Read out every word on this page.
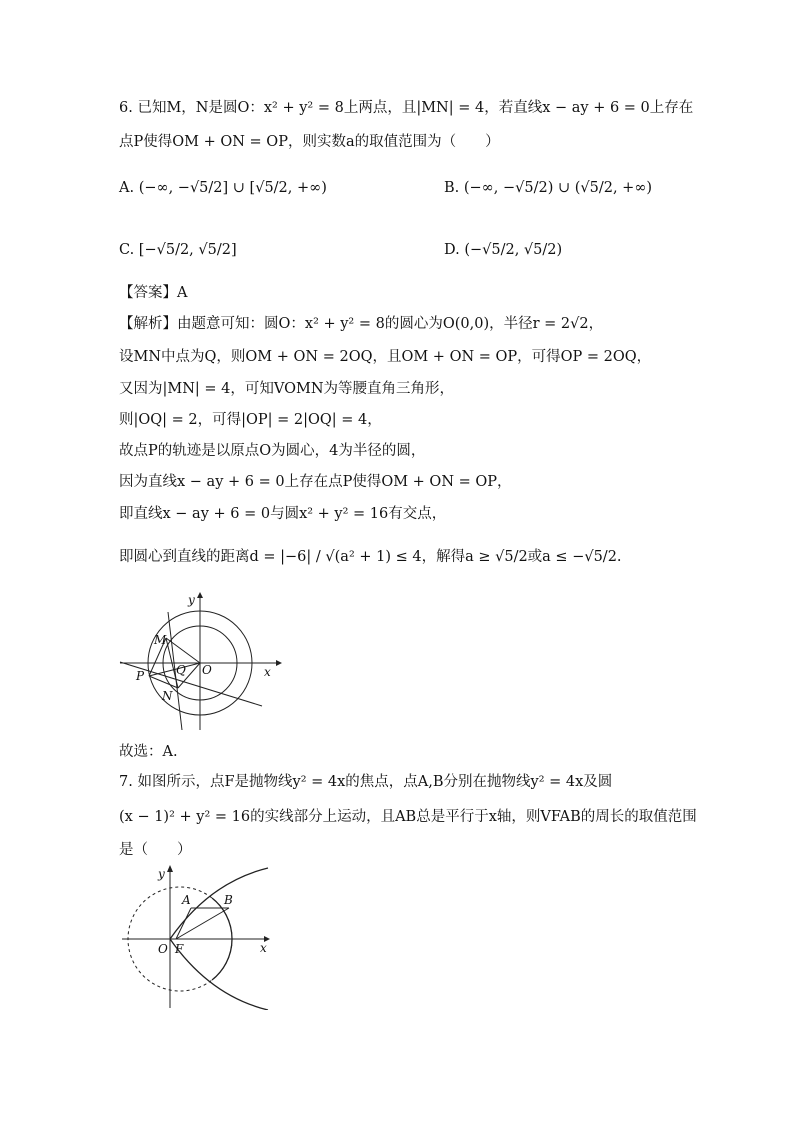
6. 已知M，N是圆O：x² + y² = 8上两点，且|MN| = 4，若直线x − ay + 6 = 0上存在
点P使得OM + ON = OP，则实数a的取值范围为（　　）
A. (−∞, −√5/2] ∪ [√5/2, +∞)	B. (−∞, −√5/2) ∪ (√5/2, +∞)
C. [−√5/2, √5/2]	D. (−√5/2, √5/2)
【答案】A
【解析】由题意可知：圆O：x² + y² = 8的圆心为O(0,0)，半径r = 2√2，
设MN中点为Q，则OM + ON = 2OQ，且OM + ON = OP，可得OP = 2OQ，
又因为|MN| = 4，可知VOMN为等腰直角三角形，
则|OQ| = 2，可得|OP| = 2|OQ| = 4，
故点P的轨迹是以原点O为圆心，4为半径的圆，
因为直线x − ay + 6 = 0上存在点P使得OM + ON = OP，
即直线x − ay + 6 = 0与圆x² + y² = 16有交点，
即圆心到直线的距离d = |−6| / √(a² + 1) ≤ 4，解得a ≥ √5/2或a ≤ −√5/2.
y
x
M
P	Q O
N
故选：A.
7. 如图所示，点F是抛物线y² = 4x的焦点，点A,B分别在抛物线y² = 4x及圆
(x − 1)² + y² = 16的实线部分上运动，且AB总是平行于x轴，则VFAB的周长的取值范围
是（　　）
y
x
A	B
O F
